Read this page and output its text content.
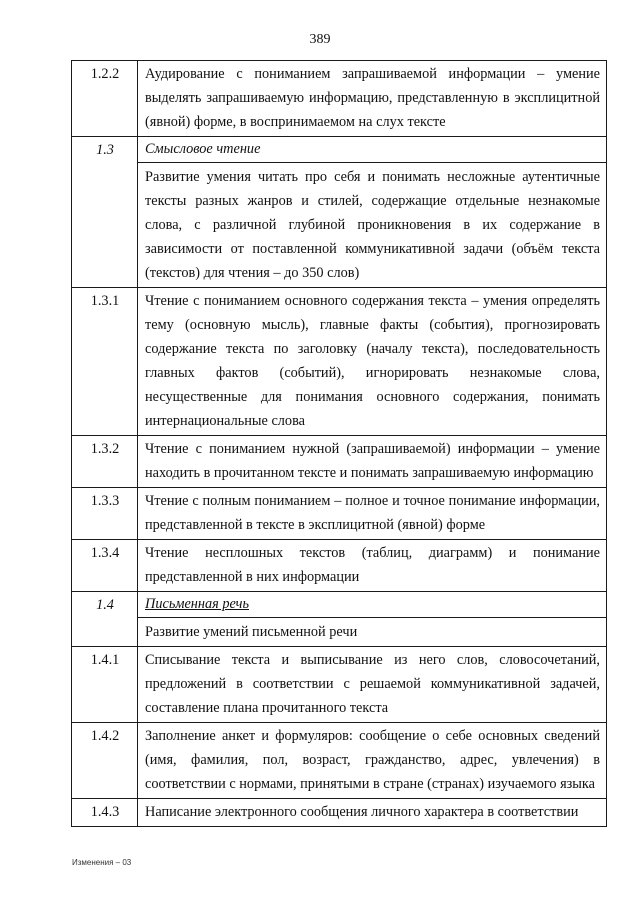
389
1.2.2	Аудирование с пониманием запрашиваемой информации – умение выделять запрашиваемую информацию, представленную в эксплицитной (явной) форме, в воспринимаемом на слух тексте
1.3	Смысловое чтение
Развитие умения читать про себя и понимать несложные аутентичные тексты разных жанров и стилей, содержащие отдельные незнакомые слова, с различной глубиной проникновения в их содержание в зависимости от поставленной коммуникативной задачи (объём текста (текстов) для чтения – до 350 слов)

1.3.1	Чтение с пониманием основного содержания текста – умения определять тему (основную мысль), главные факты (события), прогнозировать содержание текста по заголовку (началу текста), последовательность главных фактов (событий), игнорировать незнакомые слова, несущественные для понимания основного содержания, понимать интернациональные слова
1.3.2	Чтение с пониманием нужной (запрашиваемой) информации – умение находить в прочитанном тексте и понимать запрашиваемую информацию
1.3.3	Чтение с полным пониманием – полное и точное понимание информации, представленной в тексте в эксплицитной (явной) форме
1.3.4	Чтение несплошных текстов (таблиц, диаграмм) и понимание представленной в них информации
1.4	Письменная речь
Развитие умений письменной речи

1.4.1	Списывание текста и выписывание из него слов, словосочетаний, предложений в соответствии с решаемой коммуникативной задачей, составление плана прочитанного текста
1.4.2	Заполнение анкет и формуляров: сообщение о себе основных сведений (имя, фамилия, пол, возраст, гражданство, адрес, увлечения) в соответствии с нормами, принятыми в стране (странах) изучаемого языка
1.4.3	Написание электронного сообщения личного характера в соответствии
Изменения – 03
